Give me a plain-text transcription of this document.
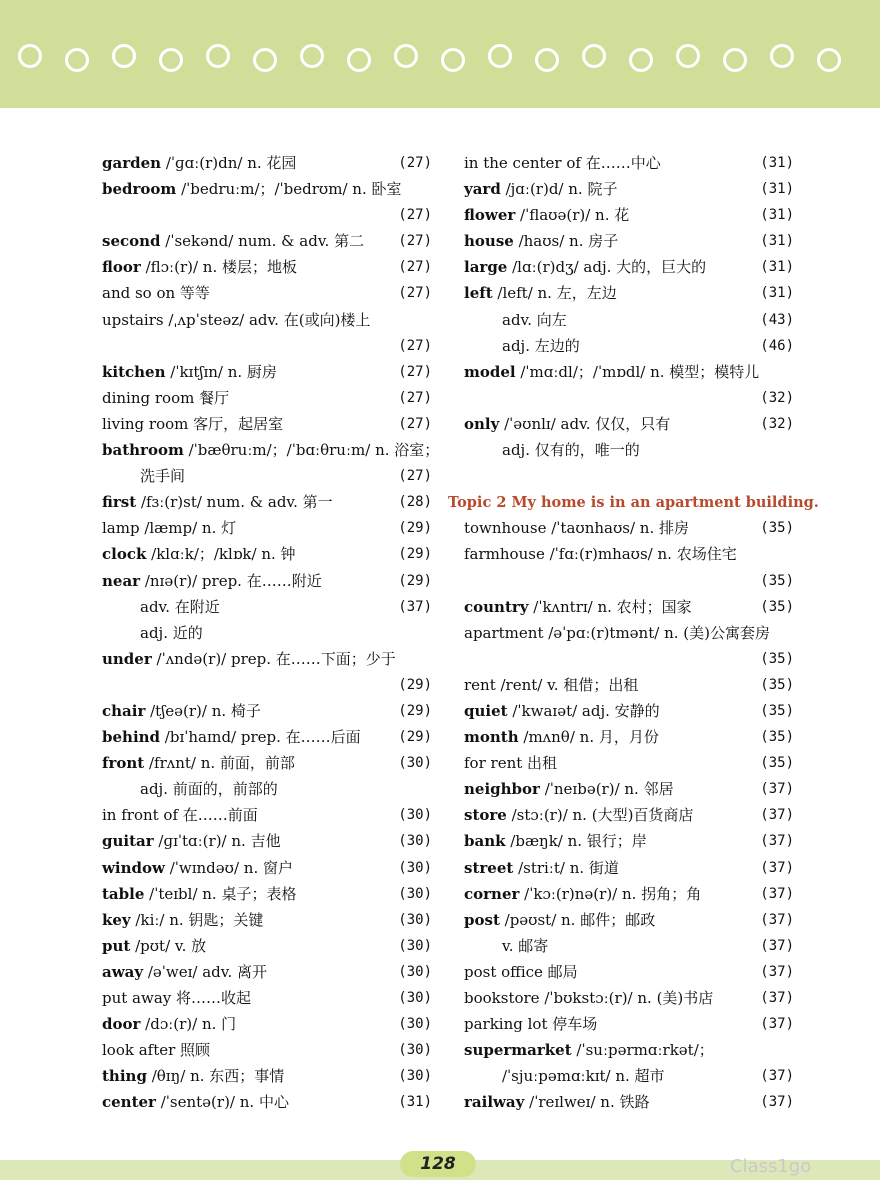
garden /ˈɡɑː(r)dn/ n. 花园	(27)
bedroom /ˈbedruːm/；/ˈbedrʊm/ n. 卧室
(27)
second /ˈsekənd/ num. & adv. 第二 (27)
floor /flɔː(r)/ n. 楼层；地板	(27)
and so on 等等	(27)
upstairs /ˌʌpˈsteəz/ adv. 在(或向)楼上
(27)
kitchen /ˈkɪtʃɪn/ n. 厨房	(27)
dining room 餐厅	(27)
living room 客厅，起居室	(27)
bathroom /ˈbæθruːm/；/ˈbɑːθruːm/ n. 浴室；
洗手间	(27)
first /fɜː(r)st/ num. & adv. 第一	(28)
lamp /læmp/ n. 灯	(29)
clock /klɑːk/；/klɒk/ n. 钟	(29)
near /nɪə(r)/ prep. 在……附近	(29)
adv. 在附近	(37)
adj. 近的
under /ˈʌndə(r)/ prep. 在……下面；少于
(29)
chair /tʃeə(r)/ n. 椅子	(29)
behind /bɪˈhaɪnd/ prep. 在……后面	(29)
front /frʌnt/ n. 前面，前部	(30)
adj. 前面的，前部的
in front of 在……前面	(30)
guitar /ɡɪˈtɑː(r)/ n. 吉他	(30)
window /ˈwɪndəʊ/ n. 窗户	(30)
table /ˈteɪbl/ n. 桌子；表格	(30)
key /kiː/ n. 钥匙；关键	(30)
put /pʊt/ v. 放	(30)
away /əˈweɪ/ adv. 离开	(30)
put away 将……收起	(30)
door /dɔː(r)/ n. 门	(30)
look after 照顾	(30)
thing /θɪŋ/ n. 东西；事情	(30)
center /ˈsentə(r)/ n. 中心	(31)
in the center of 在……中心	(31)
yard /jɑː(r)d/ n. 院子	(31)
flower /ˈflaʊə(r)/ n. 花	(31)
house /haʊs/ n. 房子	(31)
large /lɑː(r)dʒ/ adj. 大的，巨大的	(31)
left /left/ n. 左，左边	(31)
adv. 向左	(43)
adj. 左边的	(46)
model /ˈmɑːdl/；/ˈmɒdl/ n. 模型；模特儿
(32)
only /ˈəʊnlɪ/ adv. 仅仅，只有	(32)
adj. 仅有的，唯一的
Topic 2 My home is in an apartment building.
townhouse /ˈtaʊnhaʊs/ n. 排房	(35)
farmhouse /ˈfɑː(r)mhaʊs/ n. 农场住宅
(35)
country /ˈkʌntrɪ/ n. 农村；国家	(35)
apartment /əˈpɑː(r)tmənt/ n. (美)公寓套房
(35)
rent /rent/ v. 租借；出租	(35)
quiet /ˈkwaɪət/ adj. 安静的	(35)
month /mʌnθ/ n. 月，月份	(35)
for rent 出租	(35)
neighbor /ˈneɪbə(r)/ n. 邻居	(37)
store /stɔː(r)/ n. (大型)百货商店	(37)
bank /bæŋk/ n. 银行；岸	(37)
street /striːt/ n. 街道	(37)
corner /ˈkɔː(r)nə(r)/ n. 拐角；角	(37)
post /pəʊst/ n. 邮件；邮政	(37)
v. 邮寄	(37)
post office 邮局	(37)
bookstore /ˈbʊkstɔː(r)/ n. (美)书店	(37)
parking lot 停车场	(37)
supermarket /ˈsuːpərmɑːrkət/；
/ˈsjuːpəmɑːkɪt/ n. 超市	(37)
railway /ˈreɪlweɪ/ n. 铁路	(37)
128	Class1go
